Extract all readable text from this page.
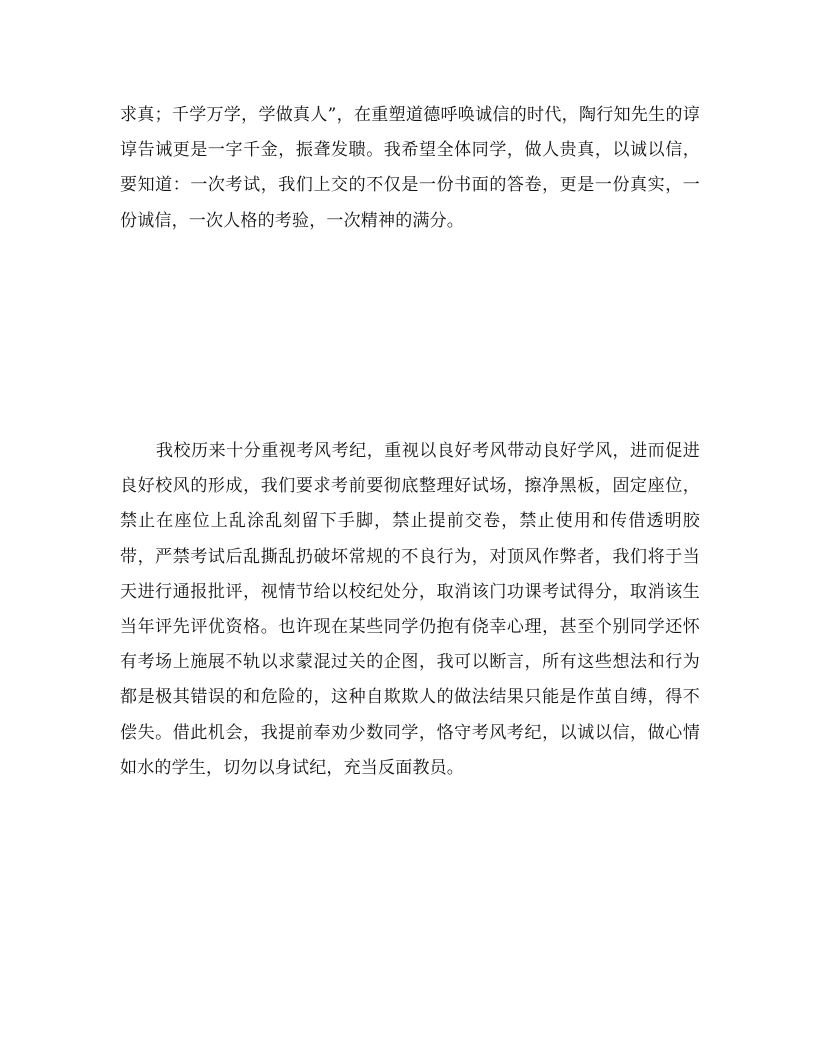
求真；千学万学，学做真人”，在重塑道德呼唤诚信的时代，陶行知先生的谆谆告诫更是一字千金，振聋发聩。我希望全体同学，做人贵真，以诚以信，要知道：一次考试，我们上交的不仅是一份书面的答卷，更是一份真实，一份诚信，一次人格的考验，一次精神的满分。

我校历来十分重视考风考纪，重视以良好考风带动良好学风，进而促进良好校风的形成，我们要求考前要彻底整理好试场，擦净黑板，固定座位，禁止在座位上乱涂乱刻留下手脚，禁止提前交卷，禁止使用和传借透明胶带，严禁考试后乱撕乱扔破坏常规的不良行为，对顶风作弊者，我们将于当天进行通报批评，视情节给以校纪处分，取消该门功课考试得分，取消该生当年评先评优资格。也许现在某些同学仍抱有侥幸心理，甚至个别同学还怀有考场上施展不轨以求蒙混过关的企图，我可以断言，所有这些想法和行为都是极其错误的和危险的，这种自欺欺人的做法结果只能是作茧自缚，得不偿失。借此机会，我提前奉劝少数同学，恪守考风考纪，以诚以信，做心情如水的学生，切勿以身试纪，充当反面教员。
